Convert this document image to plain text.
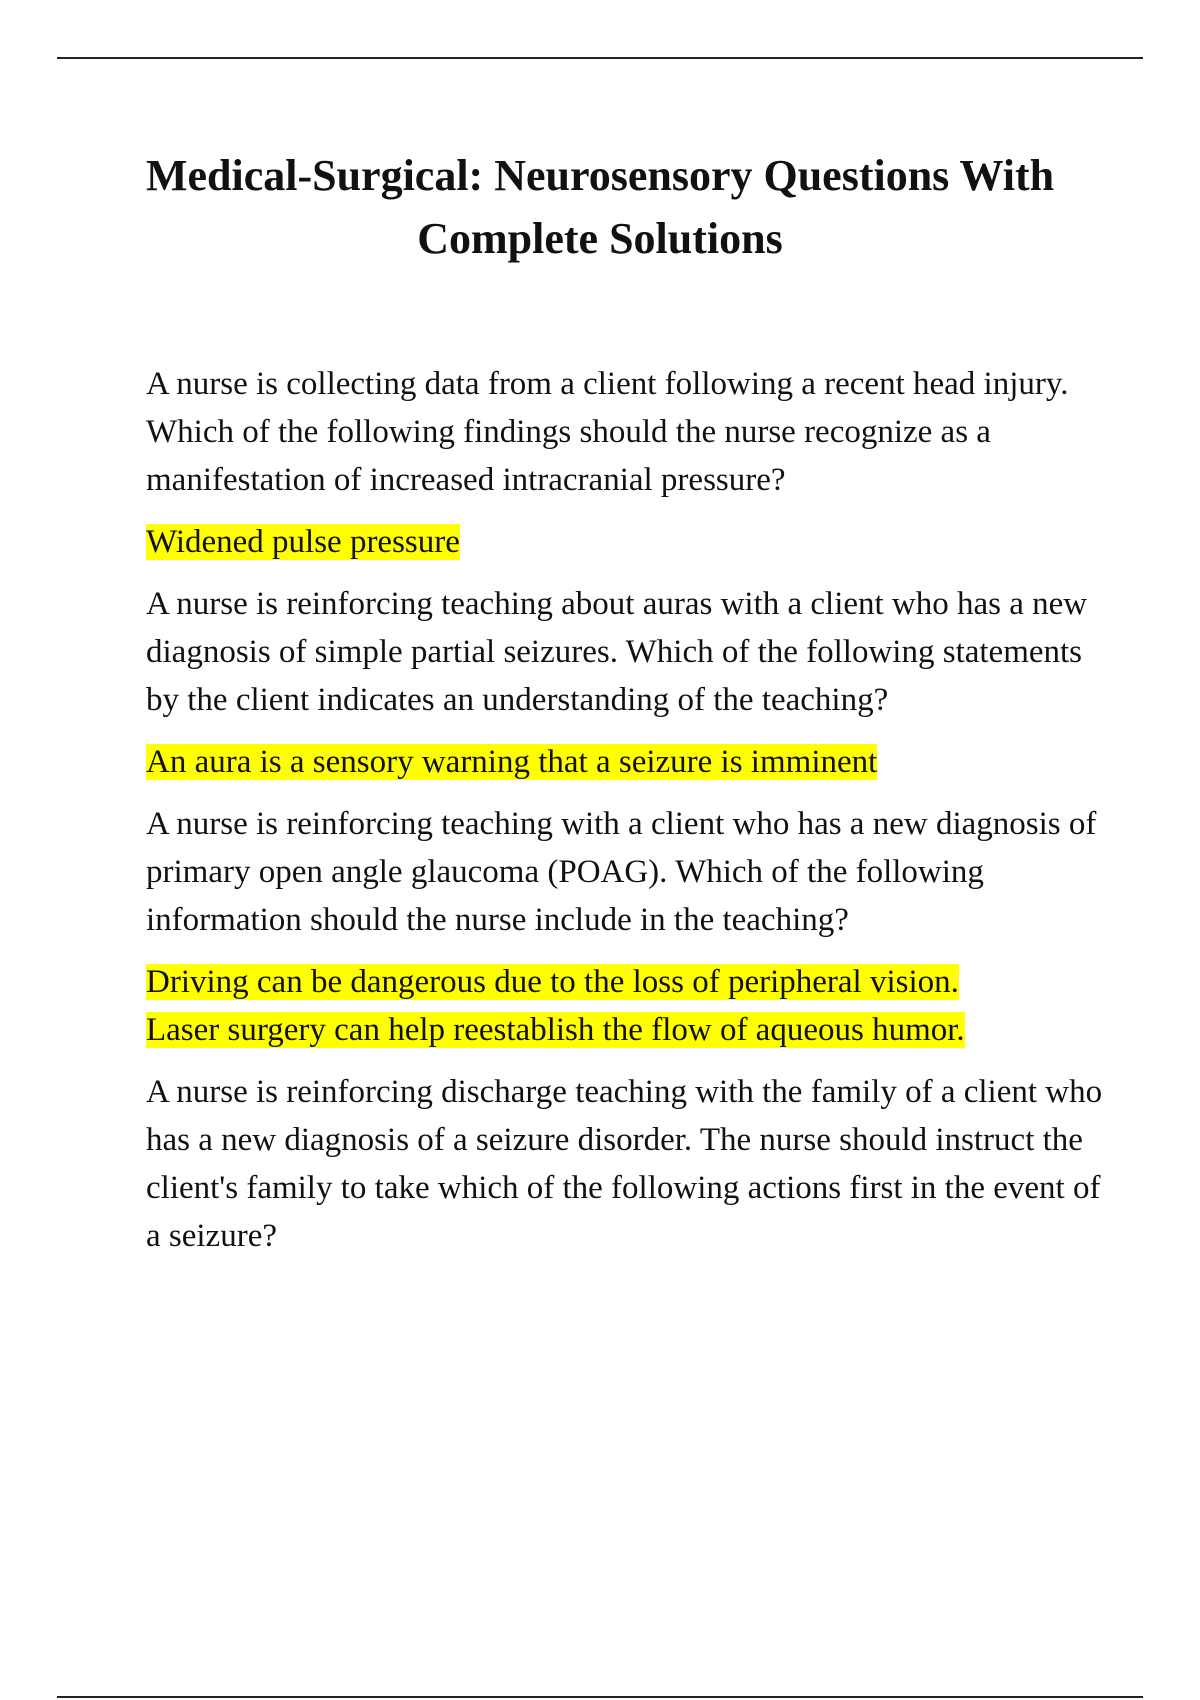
Medical-Surgical: Neurosensory Questions With Complete Solutions

A nurse is collecting data from a client following a recent head injury. Which of the following findings should the nurse recognize as a manifestation of increased intracranial pressure?

Widened pulse pressure

A nurse is reinforcing teaching about auras with a client who has a new diagnosis of simple partial seizures. Which of the following statements by the client indicates an understanding of the teaching?

An aura is a sensory warning that a seizure is imminent

A nurse is reinforcing teaching with a client who has a new diagnosis of primary open angle glaucoma (POAG). Which of the following information should the nurse include in the teaching?

Driving can be dangerous due to the loss of peripheral vision.
Laser surgery can help reestablish the flow of aqueous humor.

A nurse is reinforcing discharge teaching with the family of a client who has a new diagnosis of a seizure disorder. The nurse should instruct the client's family to take which of the following actions first in the event of a seizure?
